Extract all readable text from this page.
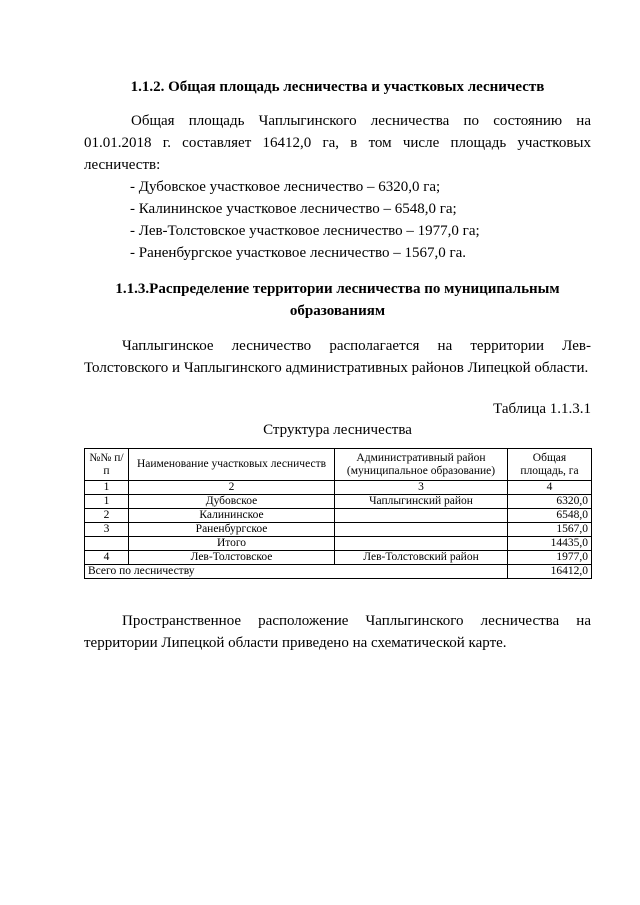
1.1.2. Общая площадь лесничества и участковых лесничеств
Общая площадь Чаплыгинского лесничества по состоянию на 01.01.2018 г. составляет 16412,0 га, в том числе площадь участковых лесничеств:
- Дубовское участковое лесничество – 6320,0 га;
- Калининское участковое лесничество – 6548,0 га;
- Лев-Толстовское участковое лесничество – 1977,0 га;
- Раненбургское участковое лесничество – 1567,0 га.
1.1.3.Распределение территории лесничества по муниципальным
образованиям
Чаплыгинское лесничество располагается на территории Лев-Толстовского и Чаплыгинского административных районов Липецкой области.
Таблица 1.1.3.1
Структура лесничества
№№ п/п	Наименование участковых лесничеств	Административный район (муниципальное образование)	Общая площадь, га
1	2	3	4
1	Дубовское	Чаплыгинский район	6320,0
2	Калининское		6548,0
3	Раненбургское		1567,0
	Итого		14435,0
4	Лев-Толстовское	Лев-Толстовский район	1977,0
Всего по лесничеству			16412,0
Пространственное расположение Чаплыгинского лесничества на территории Липецкой области приведено на схематической карте.
